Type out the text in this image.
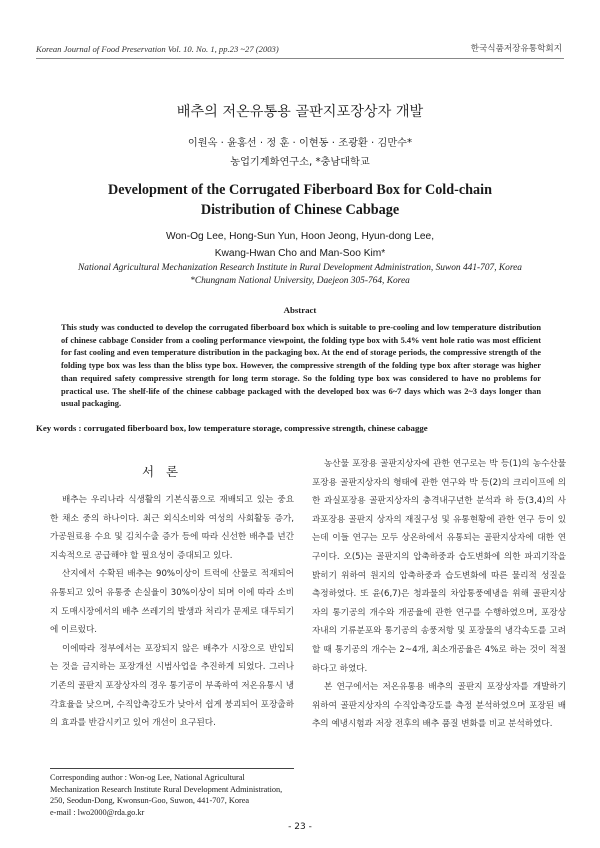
Korean Journal of Food Preservation Vol. 10. No. 1, pp.23 ~27 (2003)	한국식품저장유통학회지
배추의 저온유통용 골판지포장상자 개발
이원옥 · 윤홍선 · 정 훈 · 이현동 · 조광환 · 김만수*
농업기계화연구소, *충남대학교
Development of the Corrugated Fiberboard Box for Cold-chain
Distribution of Chinese Cabbage
Won-Og Lee, Hong-Sun Yun, Hoon Jeong, Hyun-dong Lee,
Kwang-Hwan Cho and Man-Soo Kim*
National Agricultural Mechanization Research Institute in Rural Development Administration, Suwon 441-707, Korea
*Chungnam National University, Daejeon 305-764, Korea
Abstract
This study was conducted to develop the corrugated fiberboard box which is suitable to pre-cooling and low temperature distribution of chinese cabbage Consider from a cooling performance viewpoint, the folding type box with 5.4% vent hole ratio was most efficient for fast cooling and even temperature distribution in the packaging box. At the end of storage periods, the compressive strength of the folding type box was less than the bliss type box. However, the compressive strength of the folding type box after storage was higher than required safety compressive strength for long term storage. So the folding type box was considered to have no problems for practical use. The shelf-life of the chinese cabbage packaged with the developed box was 6~7 days which was 2~3 days longer than usual packaging.
Key words : corrugated fiberboard box, low temperature storage, compressive strength, chinese cabagge
서 론

배추는 우리나라 식생활의 기본식품으로 재배되고 있는 중요한 채소 중의 하나이다. 최근 외식소비와 여성의 사회활동 증가, 가공원료용 수요 및 김치수출 증가 등에 따라 신선한 배추를 년간 지속적으로 공급해야 할 필요성이 증대되고 있다.

산지에서 수확된 배추는 90%이상이 트럭에 산물로 적재되어 유통되고 있어 유통중 손실율이 30%이상이 되며 이에 따라 소비지 도매시장에서의 배추 쓰레기의 발생과 처리가 문제로 대두되기에 이르렀다.

이에따라 정부에서는 포장되지 않은 배추가 시장으로 반입되는 것을 금지하는 포장개선 시범사업을 추진하게 되었다. 그러나 기존의 골판지 포장상자의 경우 통기공이 부족하여 저온유통시 냉각효율을 낮으며, 수직압축강도가 낮아서 쉽게 붕괴되어 포장출하의 효과를 반감시키고 있어 개선이 요구된다.

농산물 포장용 골판지상자에 관한 연구로는 박 등(1)의 농수산물 포장용 골판지상자의 형태에 관한 연구와 박 등(2)의 크리이프에 의한 과실포장용 골판지상자의 충격내구년한 분석과 하 등(3,4)의 사과포장용 골판지 상자의 재질구성 및 유통현황에 관한 연구 등이 있는데 이들 연구는 모두 상온하에서 유통되는 골판지상자에 대한 연구이다. 오(5)는 골판지의 압축하중과 습도변화에 의한 파괴기작을 밝히기 위하여 원지의 압축하중과 습도변화에 따른 물리적 성질을 측정하였다. 또 윤(6,7)은 청과물의 차압통풍예냉을 위해 골판지상자의 통기공의 개수와 개공율에 관한 연구를 수행하였으며, 포장상자내의 기류분포와 통기공의 송풍저항 및 포장물의 냉각속도를 고려할 때 통기공의 개수는 2~4개, 최소개공율은 4%로 하는 것이 적절하다고 하였다.

본 연구에서는 저온유통용 배추의 골판지 포장상자를 개발하기 위하여 골판지상자의 수직압축강도를 측정 분석하였으며 포장된 배추의 예냉시험과 저장 전후의 배추 품질 변화를 비교 분석하였다.

Corresponding author : Won-og Lee, National Agricultural
Mechanization Research Institute Rural Development Administration,
250, Seodun-Dong, Kwonsun-Goo, Suwon, 441-707, Korea
e-mail : lwo2000@rda.go.kr
- 23 -
